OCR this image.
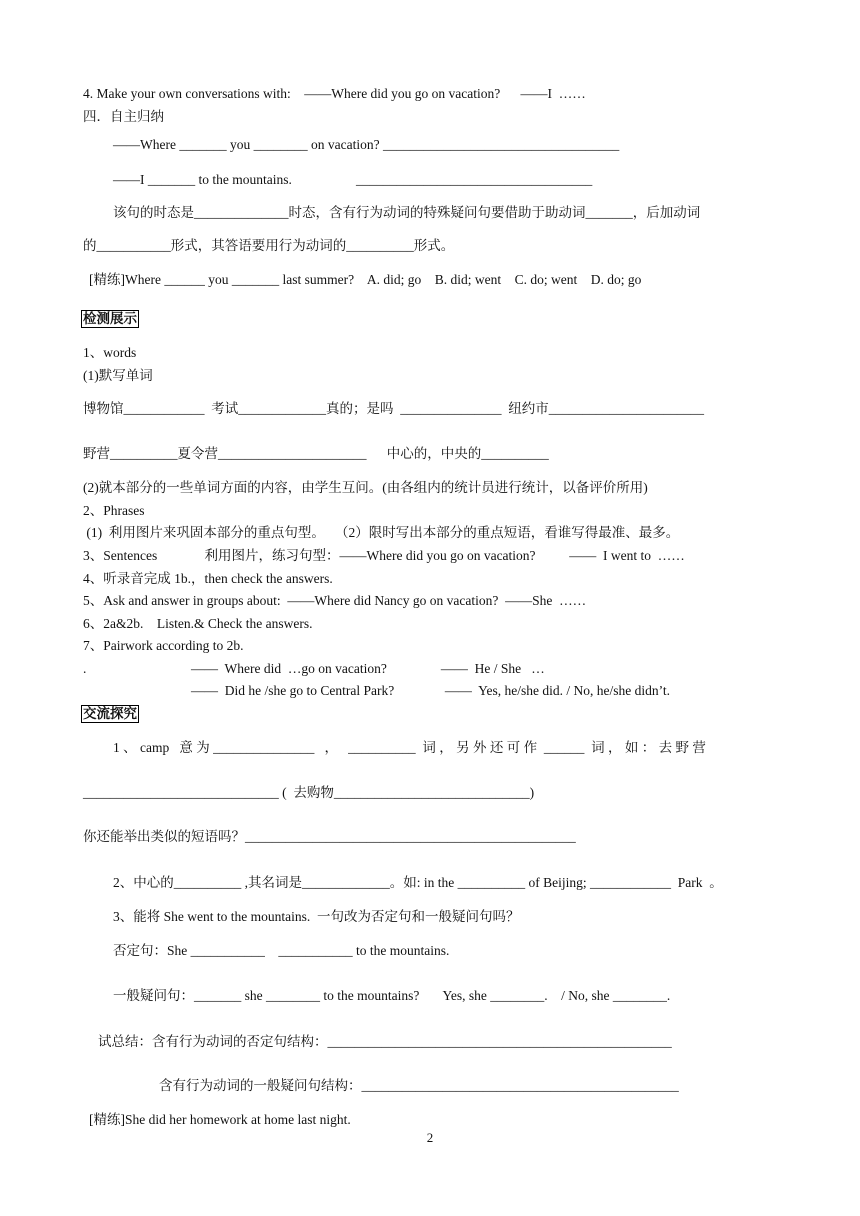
4. Make your own conversations with:    ——Where did you go on vacation?      ——I  ……
四．自主归纳
——Where _______ you ________ on vacation? ___________________________________
——I _______ to the mountains.                   ___________________________________
该句的时态是______________时态，含有行为动词的特殊疑问句要借助于助动词_______，后加动词
的___________形式，其答语要用行为动词的__________形式。
[精练]Where ______ you _______ last summer?    A. did; go    B. did; went    C. do; went    D. do; go
检测展示
1、words
(1)默写单词
博物馆____________  考试_____________真的；是吗  _______________  纽约市_______________________
野营__________夏令营______________________      中心的，中央的__________
(2)就本部分的一些单词方面的内容，由学生互问。(由各组内的统计员进行统计，以备评价所用)
2、Phrases
(1)  利用图片来巩固本部分的重点句型。   （2）限时写出本部分的重点短语，看谁写得最准、最多。
3、Sentences              利用图片，练习句型：——Where did you go on vacation?          ——  I went to  ……
4、听录音完成 1b.，then check the answers.
5、Ask and answer in groups about:  ——Where did Nancy go on vacation?  ——She  ……
6、2a&2b.    Listen.& Check the answers.
7、Pairwork according to 2b.
.                               ——  Where did  …go on vacation?                ——  He / She   …
——  Did he /she go to Central Park?               ——  Yes, he/she did. / No, he/she didn’t.
交流探究
1 、 camp   意 为 _______________   ，   __________  词 ， 另 外 还 可 作  ______  词 ， 如 ： 去 野 营
_____________________________ (  去购物_____________________________)
你还能举出类似的短语吗？_________________________________________________
2、中心的__________ ,其名词是_____________。如: in the __________ of Beijing; ____________  Park  。
3、能将 She went to the mountains.  一句改为否定句和一般疑问句吗？
否定句：She ___________    ___________ to the mountains.
一般疑问句：_______ she ________ to the mountains?       Yes, she ________.    / No, she ________.
试总结：含有行为动词的否定句结构：___________________________________________________
含有行为动词的一般疑问句结构：_______________________________________________
[精练]She did her homework at home last night.
2
